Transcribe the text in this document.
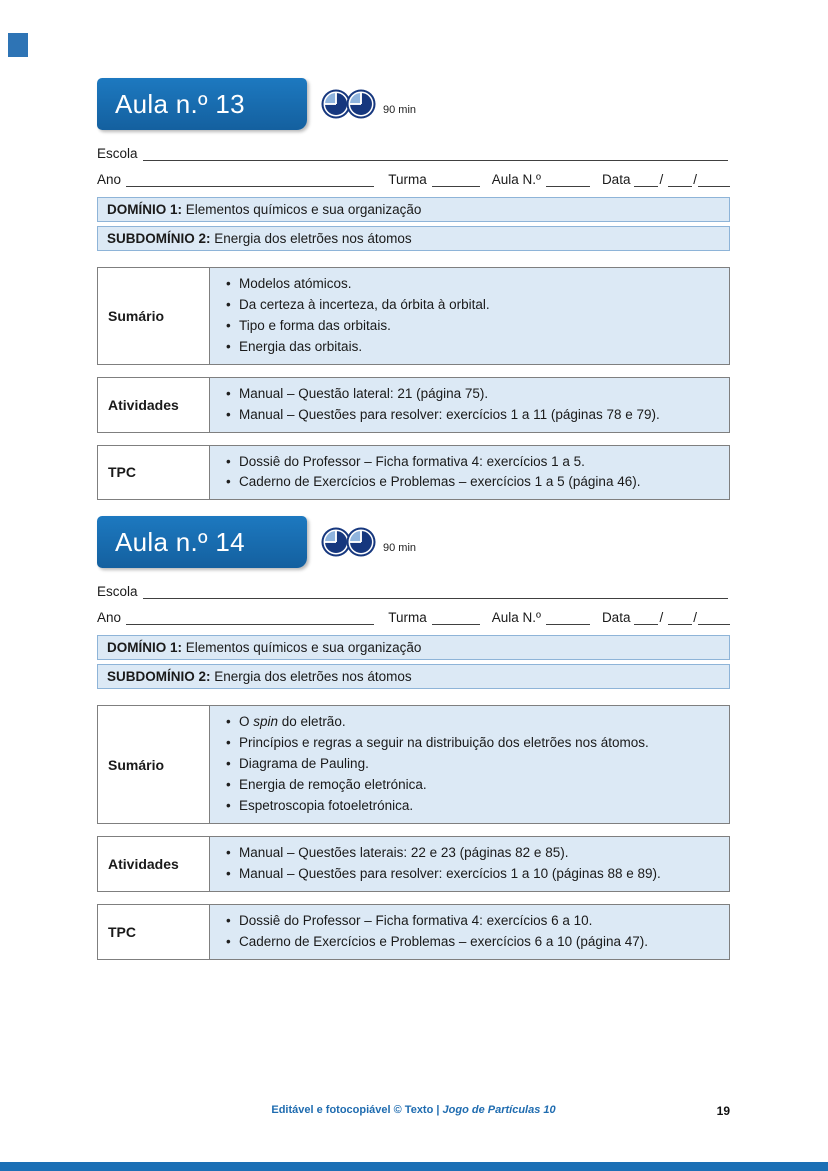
Aula n.º 13	90 min
Escola
Ano	Turma	Aula N.º	Data / /
DOMÍNIO 1: Elementos químicos e sua organização
SUBDOMÍNIO 2: Energia dos eletrões nos átomos
Sumário
• Modelos atómicos.
• Da certeza à incerteza, da órbita à orbital.
• Tipo e forma das orbitais.
• Energia das orbitais.
Atividades
• Manual – Questão lateral: 21 (página 75).
• Manual – Questões para resolver: exercícios 1 a 11 (páginas 78 e 79).
TPC
• Dossiê do Professor – Ficha formativa 4: exercícios 1 a 5.
• Caderno de Exercícios e Problemas – exercícios 1 a 5 (página 46).
Aula n.º 14	90 min
Escola
Ano	Turma	Aula N.º	Data / /
DOMÍNIO 1: Elementos químicos e sua organização
SUBDOMÍNIO 2: Energia dos eletrões nos átomos
Sumário
• O spin do eletrão.
• Princípios e regras a seguir na distribuição dos eletrões nos átomos.
• Diagrama de Pauling.
• Energia de remoção eletrónica.
• Espetroscopia fotoeletrónica.
Atividades
• Manual – Questões laterais: 22 e 23 (páginas 82 e 85).
• Manual – Questões para resolver: exercícios 1 a 10 (páginas 88 e 89).
TPC
• Dossiê do Professor – Ficha formativa 4: exercícios 6 a 10.
• Caderno de Exercícios e Problemas – exercícios 6 a 10 (página 47).
Editável e fotocopiável © Texto | Jogo de Partículas 10	19
